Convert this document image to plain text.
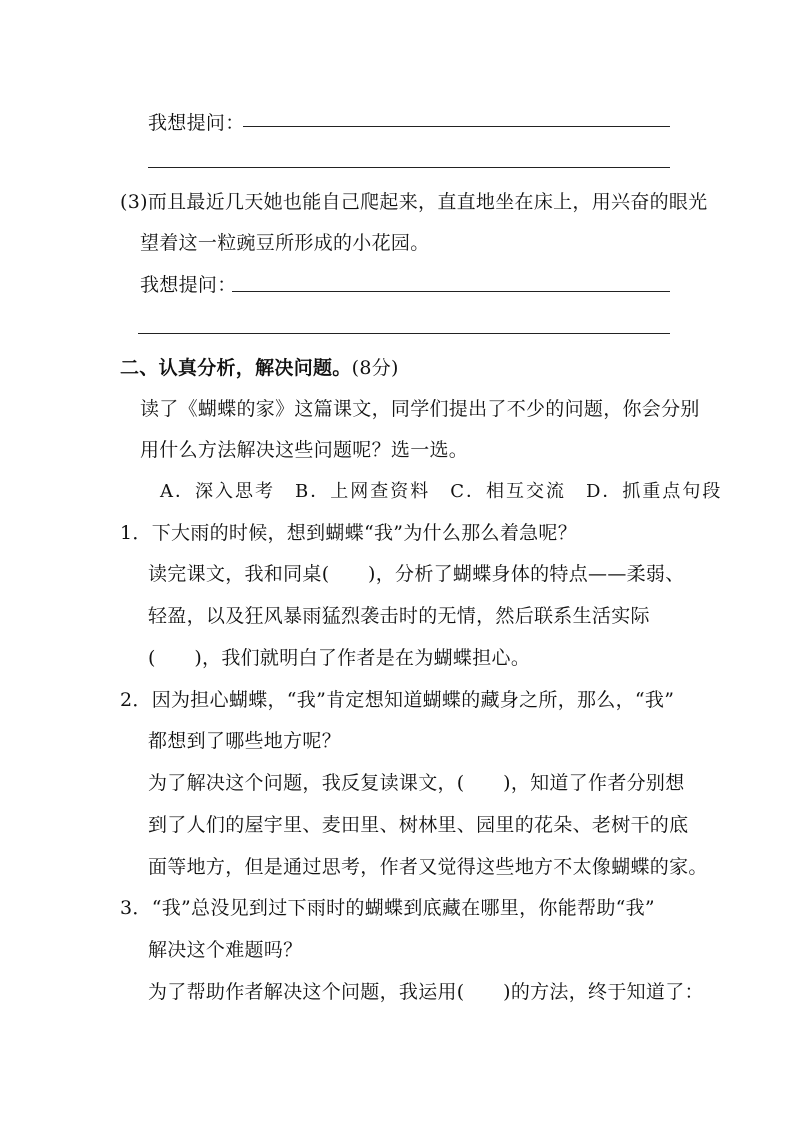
我想提问：
(3)而且最近几天她也能自己爬起来，直直地坐在床上，用兴奋的眼光
望着这一粒豌豆所形成的小花园。
我想提问：
二、认真分析，解决问题。(8分)
读了《蝴蝶的家》这篇课文，同学们提出了不少的问题，你会分别
用什么方法解决这些问题呢？选一选。
A．深入思考　B．上网查资料　C．相互交流　D．抓重点句段
1．下大雨的时候，想到蝴蝶“我”为什么那么着急呢？
读完课文，我和同桌(　　)，分析了蝴蝶身体的特点——柔弱、
轻盈，以及狂风暴雨猛烈袭击时的无情，然后联系生活实际
(　　)，我们就明白了作者是在为蝴蝶担心。
2．因为担心蝴蝶，“我”肯定想知道蝴蝶的藏身之所，那么，“我”
都想到了哪些地方呢？
为了解决这个问题，我反复读课文，(　　)，知道了作者分别想
到了人们的屋宇里、麦田里、树林里、园里的花朵、老树干的底
面等地方，但是通过思考，作者又觉得这些地方不太像蝴蝶的家。
3．“我”总没见到过下雨时的蝴蝶到底藏在哪里，你能帮助“我”
解决这个难题吗？
为了帮助作者解决这个问题，我运用(　　)的方法，终于知道了：
